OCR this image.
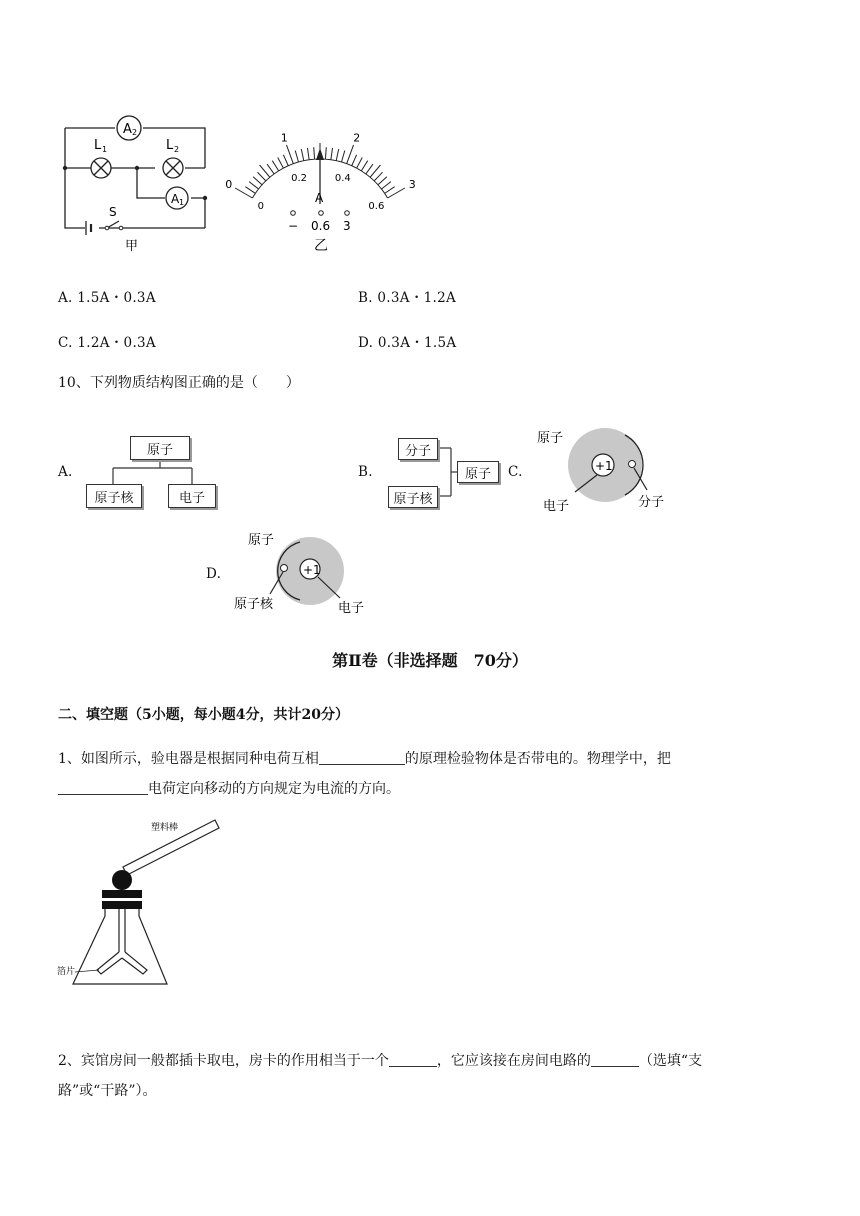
A 2
A 1
L 1	L 2
S
甲
0
1	2
3
0
0.2	0.4
0.6
A
− 0.6 3
乙
A. 1.5A・0.3A	B. 0.3A・1.2A
C. 1.2A・0.3A	D. 0.3A・1.5A
10、下列物质结构图正确的是（　　）
A.
原子
原子核	电子
B.
分子
原子核
原子	C.	+1
原子
电子	分子
D.	+1
原子
原子核	电子
第Ⅱ卷（非选择题　70分）
二、填空题（5小题，每小题4分，共计20分）
1、如图所示，验电器是根据同种电荷互相	的原理检验物体是否带电的。物理学中，把
电荷定向移动的方向规定为电流的方向。
塑料棒
箔片
2、宾馆房间一般都插卡取电，房卡的作用相当于一个	，它应该接在房间电路的	（选填“支
路”或“干路”）。
